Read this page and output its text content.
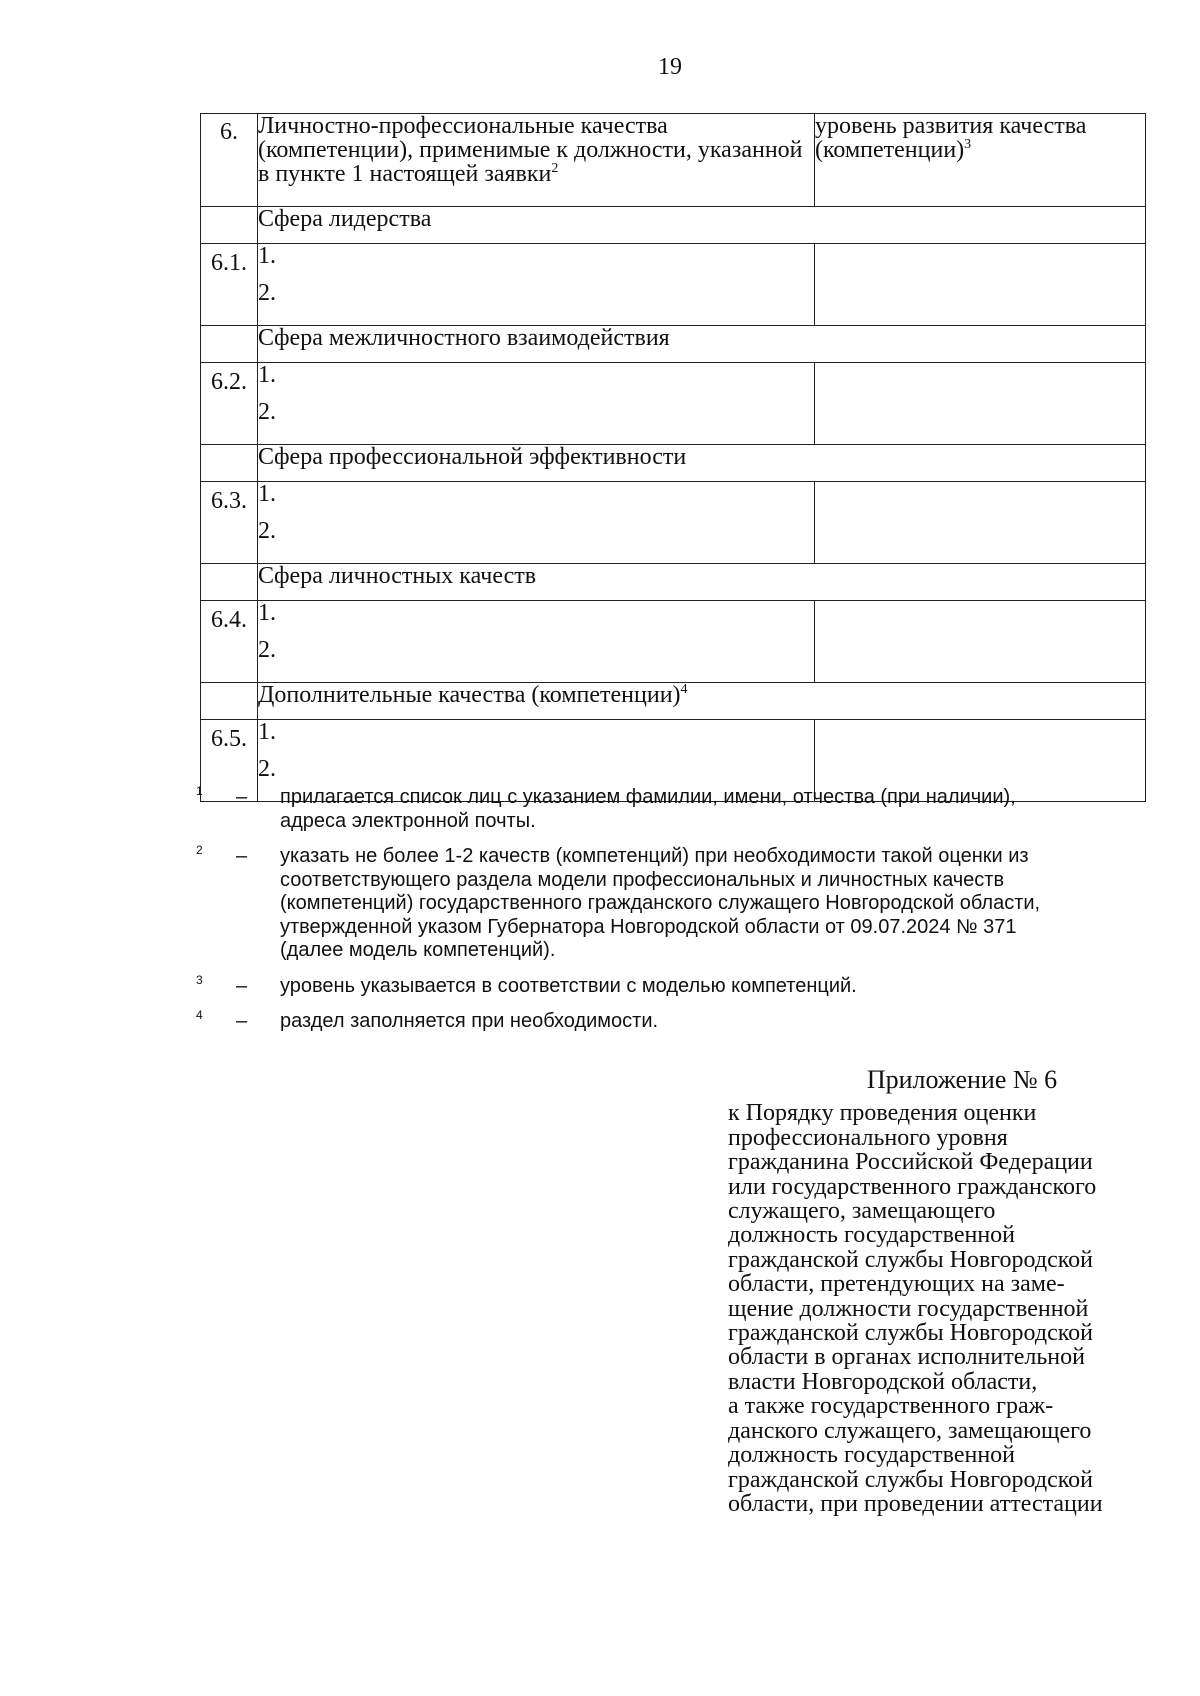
19
6.	Личностно-профессиональные качества (компетенции), применимые к должности, указанной в пункте 1 настоящей заявки$^2$	уровень развития качества (компетенции)$^3$
	Сфера лидерства	
6.1.	1.
2.	

	Сфера межличностного взаимодействия	
6.2.	1.
2.	

	Сфера профессиональной эффективности	
6.3.	1.
2.	

	Сфера личностных качеств	
6.4.	1.
2.	

	Дополнительные качества (компетенции)$^4$
6.5.	1.
2.	

1 – прилагается список лиц с указанием фамилии, имени, отчества (при наличии),
адреса электронной почты.
2 – указать не более 1-2 качеств (компетенций) при необходимости такой оценки из
соответствующего раздела модели профессиональных и личностных качеств
(компетенций) государственного гражданского служащего Новгородской области,
утвержденной указом Губернатора Новгородской области от 09.07.2024 № 371
(далее модель компетенций).
3 – уровень указывается в соответствии с моделью компетенций.
4 – раздел заполняется при необходимости.
Приложение № 6
к Порядку проведения оценки
профессионального уровня
гражданина Российской Федерации
или государственного гражданского
служащего, замещающего
должность государственной
гражданской службы Новгородской
области, претендующих на заме-
щение должности государственной
гражданской службы Новгородской
области в органах исполнительной
власти Новгородской области,
а также государственного граж-
данского служащего, замещающего
должность государственной
гражданской службы Новгородской
области, при проведении аттестации
